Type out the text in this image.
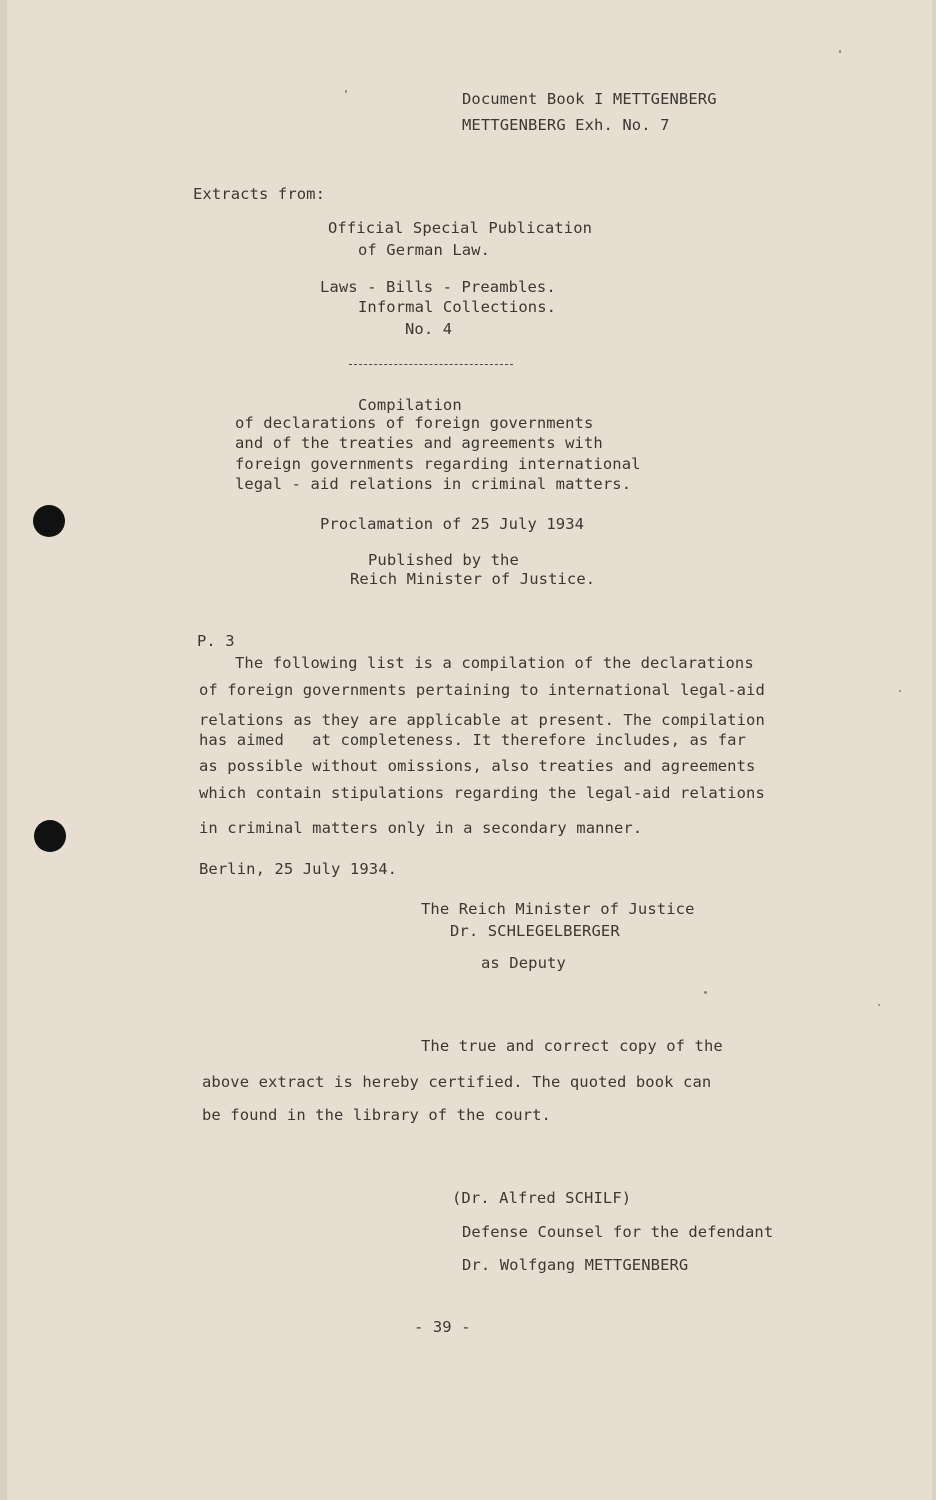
Document Book I METTGENBERG
METTGENBERG Exh. No. 7
Extracts from:
Official Special Publication
of German Law.
Laws - Bills - Preambles.
Informal Collections.
No. 4
Compilation
of declarations of foreign governments
and of the treaties and agreements with
foreign governments regarding international
legal - aid relations in criminal matters.
Proclamation of 25 July 1934
Published by the
Reich Minister of Justice.
P. 3
The following list is a compilation of the declarations
of foreign governments pertaining to international legal-aid
relations as they are applicable at present. The compilation
has aimed   at completeness. It therefore includes, as far
as possible without omissions, also treaties and agreements
which contain stipulations regarding the legal-aid relations
in criminal matters only in a secondary manner.
Berlin, 25 July 1934.
The Reich Minister of Justice
Dr. SCHLEGELBERGER
as Deputy
The true and correct copy of the
above extract is hereby certified. The quoted book can
be found in the library of the court.
(Dr. Alfred SCHILF)
Defense Counsel for the defendant
Dr. Wolfgang METTGENBERG
- 39 -
